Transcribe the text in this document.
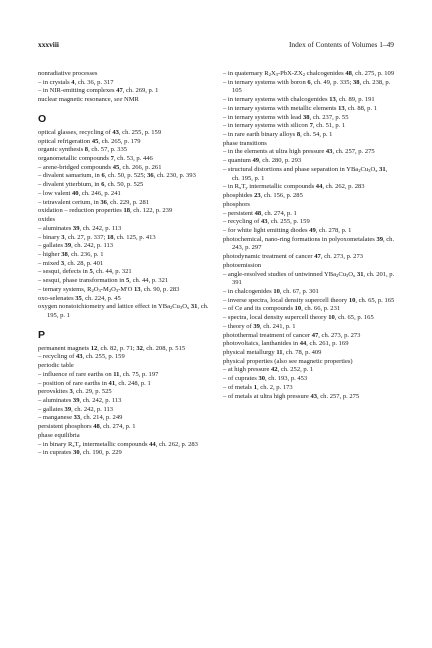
xxxviii	Index of Contents of Volumes 1–49

nonradiative processes

– in crystals 4, ch. 36, p. 317

– in NIR-emitting complexes 47, ch. 269, p. 1

nuclear magnetic resonance, see NMR

O

optical glasses, recycling of 43, ch. 255, p. 159

optical refrigeration 45, ch. 265, p. 179

organic synthesis 8, ch. 57, p. 335

organometallic compounds 7, ch. 53, p. 446

– arene-bridged compounds 45, ch. 266, p. 261

– divalent samarium, in 6, ch. 50, p. 525; 36, ch. 230, p. 393

– divalent ytterbium, in 6, ch. 50, p. 525

– low valent 40, ch. 246, p. 241

– tetravalent cerium, in 36, ch. 229, p. 281

oxidation – reduction properties 18, ch. 122, p. 239

oxides

– aluminates 39, ch. 242, p. 113

– binary 3, ch. 27, p. 337; 18, ch. 125, p. 413

– gallates 39, ch. 242, p. 113

– higher 38, ch. 236, p. 1

– mixed 3, ch. 28, p. 401

– sesqui, defects in 5, ch. 44, p. 321

– sesqui, phase transformation in 5, ch. 44, p. 321

– ternary systems, $R_2O_3-M_2O_3-M'O$ 13, ch. 90, p. 283

oxo-selenates 35, ch. 224, p. 45

oxygen nonstoichiometry and lattice effect in $YBa_2Cu_3O_x$ 31, ch. 195, p. 1

P

permanent magnets 12, ch. 82, p. 71; 32, ch. 208, p. 515

– recycling of 43, ch. 255, p. 159

periodic table

– influence of rare earths on 11, ch. 75, p. 197

– position of rare earths in 41, ch. 248, p. 1

perovskites 3, ch. 29, p. 525

– aluminates 39, ch. 242, p. 113

– gallates 39, ch. 242, p. 113

– manganese 33, ch. 214, p. 249

persistent phosphors 48, ch. 274, p. 1

phase equilibria

– in binary $R_xT_y$ intermetallic compounds 44, ch. 262, p. 283

– in cuprates 30, ch. 190, p. 229

– in quaternary $R_2X_3-PbX-ZX_2$ chalcogenides 48, ch. 275, p. 109

– in ternary systems with boron 6, ch. 49, p. 335; 38, ch. 238, p. 105

– in ternary systems with chalcogenides 13, ch. 89, p. 191

– in ternary systems with metallic elements 13, ch. 88, p. 1

– in ternary systems with lead 38, ch. 237, p. 55

– in ternary systems with silicon 7, ch. 51, p. 1

– in rare earth binary alloys 8, ch. 54, p. 1

phase transitions

– in the elements at ultra high pressure 43, ch. 257, p. 275

– quantum 49, ch. 280, p. 293

– structural distortions and phase separation in $YBa_2Cu_3O_x$ 31, ch. 195, p. 1

– in $R_xT_y$ intermetallic compounds 44, ch. 262, p. 283

phosphides 23, ch. 156, p. 285

phosphors

– persistent 48, ch. 274, p. 1

– recycling of 43, ch. 255, p. 159

– for white light emitting diodes 49, ch. 278, p. 1

photochemical, nano-ring formations in polyoxometalates 39, ch. 243, p. 297

photodynamic treatment of cancer 47, ch. 273, p. 273

photoemission

– angle-resolved studies of untwinned $YBa_2Cu_3O_x$ 31, ch. 201, p. 391

– in chalcogenides 10, ch. 67, p. 301

– inverse spectra, local density supercell theory 10, ch. 65, p. 165

– of Ce and its compounds 10, ch. 66, p. 231

– spectra, local density supercell theory 10, ch. 65, p. 165

– theory of 39, ch. 241, p. 1

photothermal treatment of cancer 47, ch. 273, p. 273

photovoltaics, lanthanides in 44, ch. 261, p. 169

physical metallurgy 11, ch. 78, p. 409

physical properties (also see magnetic properties)

– at high pressure 42, ch. 252, p. 1

– of cuprates 30, ch. 193, p. 453

– of metals 1, ch. 2, p. 173

– of metals at ultra high pressure 43, ch. 257, p. 275
